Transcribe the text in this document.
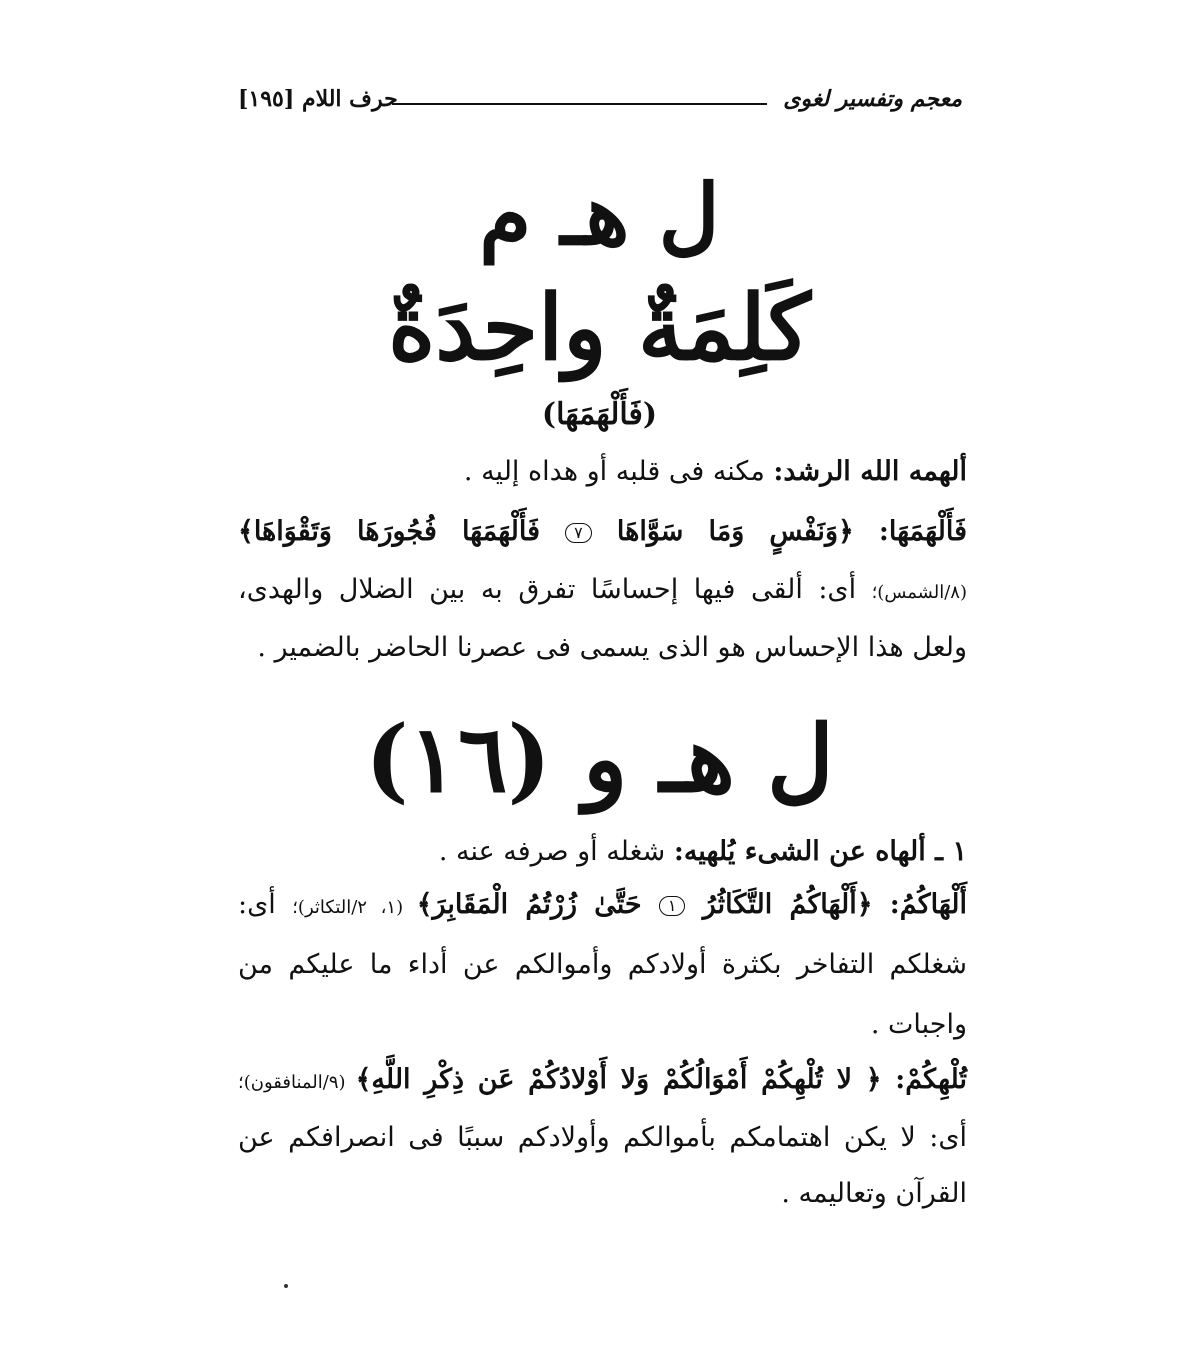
معجم وتفسير لغوى
حرف اللام [١٩٥]
ل هـ م
كَلِمَةٌ واحِدَةٌ
(فَأَلْهَمَهَا)
ألهمه الله الرشد: مكنه فى قلبه أو هداه إليه .
فَأَلْهَمَهَا: ﴿وَنَفْسٍ وَمَا سَوَّاهَا ٧ فَأَلْهَمَهَا فُجُورَهَا وَتَقْوَاهَا﴾
(٨/الشمس)؛ أى: ألقى فيها إحساسًا تفرق به بين الضلال والهدى،
ولعل هذا الإحساس هو الذى يسمى فى عصرنا الحاضر بالضمير .
ل هـ و (١٦)
١ ـ ألهاه عن الشىء يُلهيه: شغله أو صرفه عنه .
أَلْهَاكُمُ: ﴿أَلْهَاكُمُ التَّكَاثُرُ ١ حَتَّىٰ زُرْتُمُ الْمَقَابِرَ﴾ (١، ٢/التكاثر)؛ أى:
شغلكم التفاخر بكثرة أولادكم وأموالكم عن أداء ما عليكم من
واجبات .
تُلْهِكُمْ: ﴿ لا تُلْهِكُمْ أَمْوَالُكُمْ وَلا أَوْلادُكُمْ عَن ذِكْرِ اللَّهِ﴾ (٩/المنافقون)؛
أى: لا يكن اهتمامكم بأموالكم وأولادكم سببًا فى انصرافكم عن
القرآن وتعاليمه .
